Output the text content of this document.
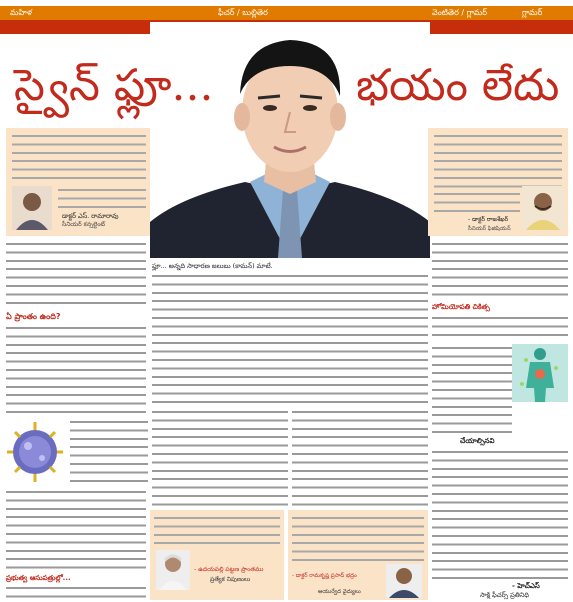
మహిళ	ఫీచర్ / బుల్లితెర	వెంటితెర / గ్లామర్	గ్లామర్
స్వైన్ ఫ్లూ...	భయం లేదు
డాక్టర్ ఎస్. రామారావు
సీనియర్ కన్సల్టెంట్
- డాక్టర్ రాజశేఖర్
సీనియర్ ఫిజిషియన్
ఏ ప్రాంతం ఉంది?
ప్రభుత్వ ఆసుపత్రుల్లో...
ఫ్లూ... అన్నది సాధారణ జలుబు (కామన్) మాటే.
- ఉదయపల్లి పట్టణ ప్రాంతము
ప్రత్యేక నిపుణులు	- డాక్టర్ రామకృష్ణ ప్రసాద్ భద్రం
ఆయుర్వేద వైద్యులు
హోమియోపతి చికిత్స
చేయాల్సినవి
- హెచ్‌ఎస్
సాక్షి ఫీచర్స్ ప్రతినిధి
